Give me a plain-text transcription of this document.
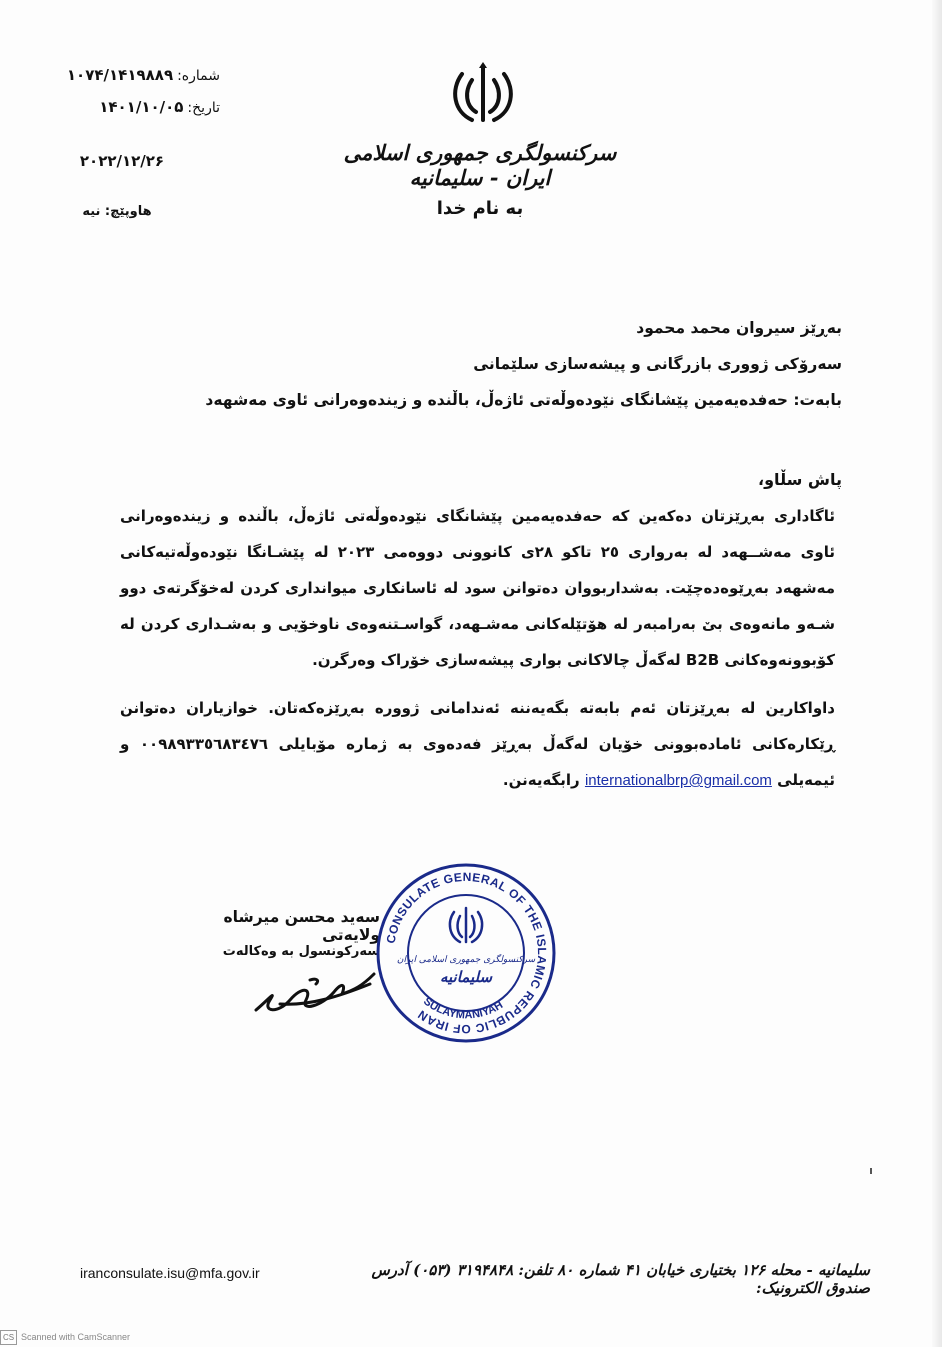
شماره:۱۰۷۴/۱۴۱۹۸۸۹
تاریخ:۱۴۰۱/۱۰/۰۵
۲۰۲۲/۱۲/۲۶
هاوپێچ: نیە
سرکنسولگری جمهوری اسلامی ایران - سلیمانیه
به نام خدا
بەڕێز سیروان محمد محمود
سەرۆکی ژووری بازرگانی و پیشەسازی سلێمانی
بابەت: حەفدەیەمین پێشانگای نێودەوڵەتی ئاژەڵ، باڵندە و زیندەوەرانی ئاوی مەشهەد
پاش سڵاو،
ئاگاداری بەڕێزتان دەکەین کە حەفدەیەمین پێشانگای نێودەوڵەتی ئاژەڵ، باڵندە و زیندەوەرانی ئاوی مەشــهەد لە بەرواری ٢٥ تاکو ٢٨ی کانوونی دووەمی ٢٠٢٣ لە پێشـانگا نێودەوڵەتیەکانی مەشهەد بەڕێوەدەچێت. بەشداربووان دەتوانن سود لە ئاسانکاری میوانداری کردن لەخۆگرتەی دوو شـەو مانەوەی بێ بەرامبەر لە هۆتێلەکانی مەشـهەد، گواسـتنەوەی ناوخۆیی و بەشـداری کردن لە کۆبوونەوەکانی B2B لەگەڵ چالاکانی بواری پیشەسازی خۆراک وەرگرن.
داواکارین لە بەڕێزتان ئەم بابەتە بگەیەننە ئەندامانی ژوورە بەڕێزەکەتان. خوازیاران دەتوانن ڕێکارەکانی ئامادەبوونی خۆیان لەگەڵ بەڕێز فەدەوی بە ژمارە مۆبایلی ٠٠٩٨٩٣٣٥٦٨٣٤٧٦ و ئیمەیلی internationalbrp@gmail.com رابگەیەنن.
سەید محسن میرشاه ولایەتی
سەرکونسول بە وەکالەت
CONSULATE GENERAL OF THE ISLAMIC REPUBLIC OF IRAN
SULAYMANIYAH
سرکنسولگری جمهوری اسلامی ایران
سلیمانیه
سلیمانیه - محله ۱۲۶ بختیاری خیابان ۴۱ شماره ۸۰ تلفن: ۳۱۹۴۸۴۸ (۰۵۳) آدرس صندوق الکترونیک:
iranconsulate.isu@mfa.gov.ir
CS Scanned with CamScanner
